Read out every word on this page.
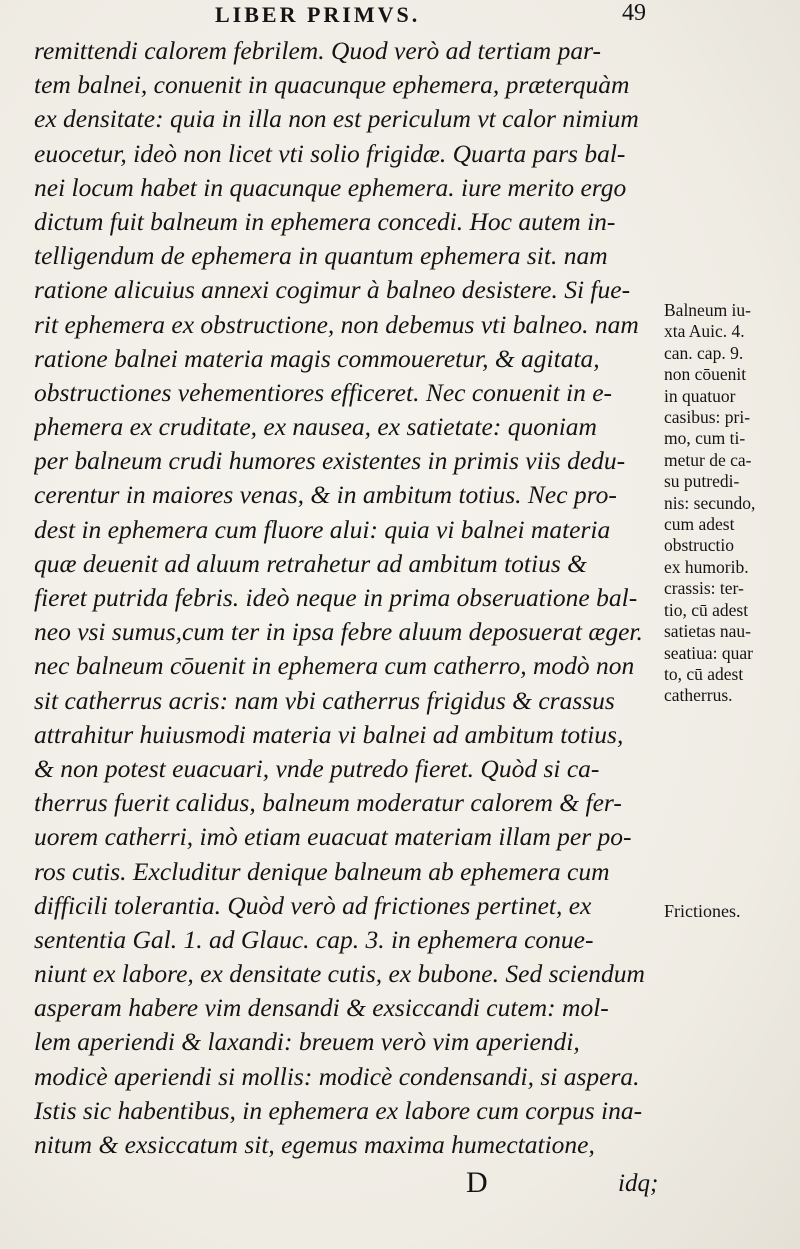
LIBER PRIMVS.	49
remittendi calorem febrilem. Quod verò ad tertiam par-
tem balnei, conuenit in quacunque ephemera, præterquàm
ex densitate: quia in illa non est periculum vt calor nimium
euocetur, ideò non licet vti solio frigidæ. Quarta pars bal-
nei locum habet in quacunque ephemera. iure merito ergo
dictum fuit balneum in ephemera concedi. Hoc autem in-
telligendum de ephemera in quantum ephemera sit. nam
ratione alicuius annexi cogimur à balneo desistere. Si fue-
rit ephemera ex obstructione, non debemus vti balneo. nam
ratione balnei materia magis commoueretur, & agitata,
obstructiones vehementiores efficeret. Nec conuenit in e-
phemera ex cruditate, ex nausea, ex satietate: quoniam
per balneum crudi humores existentes in primis viis dedu-
cerentur in maiores venas, & in ambitum totius. Nec pro-
dest in ephemera cum fluore alui: quia vi balnei materia
quæ deuenit ad aluum retrahetur ad ambitum totius &
fieret putrida febris. ideò neque in prima obseruatione bal-
neo vsi sumus,cum ter in ipsa febre aluum deposuerat æger.
nec balneum cōuenit in ephemera cum catherro, modò non
sit catherrus acris: nam vbi catherrus frigidus & crassus
attrahitur huiusmodi materia vi balnei ad ambitum totius,
& non potest euacuari, vnde putredo fieret. Quòd si ca-
therrus fuerit calidus, balneum moderatur calorem & fer-
uorem catherri, imò etiam euacuat materiam illam per po-
ros cutis. Excluditur denique balneum ab ephemera cum
difficili tolerantia. Quòd verò ad frictiones pertinet, ex
sententia Gal. 1. ad Glauc. cap. 3. in ephemera conue-
niunt ex labore, ex densitate cutis, ex bubone. Sed sciendum
asperam habere vim densandi & exsiccandi cutem: mol-
lem aperiendi & laxandi: breuem verò vim aperiendi,
modicè aperiendi si mollis: modicè condensandi, si aspera.
Istis sic habentibus, in ephemera ex labore cum corpus ina-
nitum & exsiccatum sit, egemus maxima humectatione,
Balneum iu-
xta Auic. 4.
can. cap. 9.
non cōuenit
in quatuor
casibus: pri-
mo, cum ti-
metur de ca-
su putredi-
nis: secundo,
cum adest
obstructio
ex humorib.
crassis: ter-
tio, cū adest
satietas nau-
seatiua: quar
to, cū adest
catherrus.
Frictiones.
D	idq;
